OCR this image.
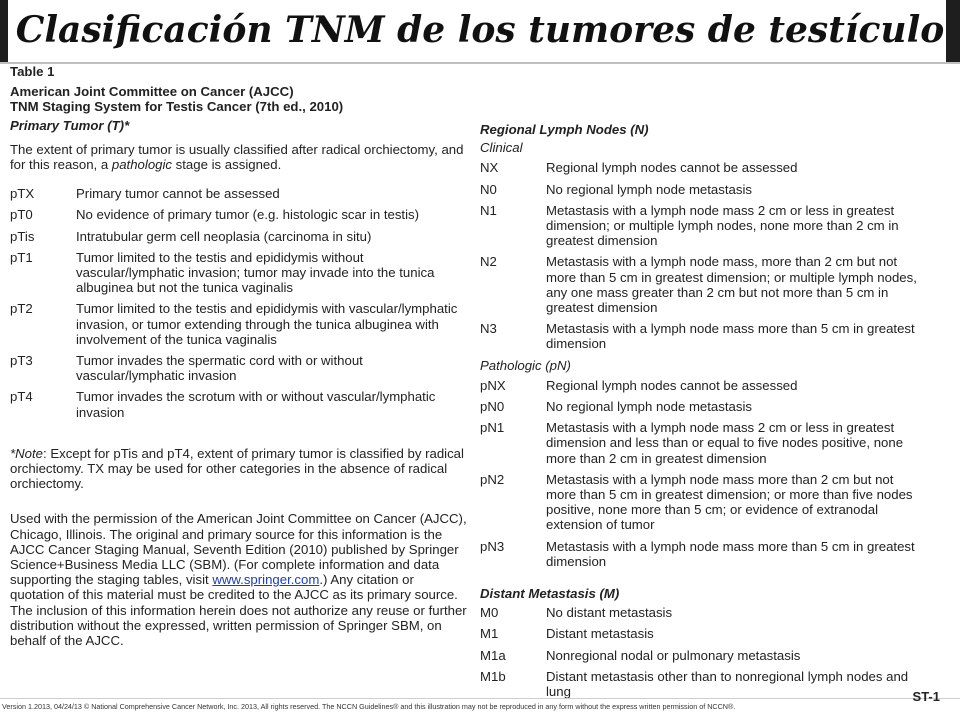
Clasificación TNM de los tumores de testículo
Table 1
American Joint Committee on Cancer (AJCC)
TNM Staging System for Testis Cancer (7th ed., 2010)
Primary Tumor (T)*
The extent of primary tumor is usually classified after radical orchiectomy, and for this reason, a pathologic stage is assigned.
pTX	Primary tumor cannot be assessed
pT0	No evidence of primary tumor (e.g. histologic scar in testis)
pTis	Intratubular germ cell neoplasia (carcinoma in situ)
pT1	Tumor limited to the testis and epididymis without vascular/lymphatic invasion; tumor may invade into the tunica albuginea but not the tunica vaginalis
pT2	Tumor limited to the testis and epididymis with vascular/lymphatic invasion, or tumor extending through the tunica albuginea with involvement of the tunica vaginalis
pT3	Tumor invades the spermatic cord with or without vascular/lymphatic invasion
pT4	Tumor invades the scrotum with or without vascular/lymphatic invasion
*Note: Except for pTis and pT4, extent of primary tumor is classified by radical orchiectomy. TX may be used for other categories in the absence of radical orchiectomy.
Used with the permission of the American Joint Committee on Cancer (AJCC), Chicago, Illinois. The original and primary source for this information is the AJCC Cancer Staging Manual, Seventh Edition (2010) published by Springer Science+Business Media LLC (SBM). (For complete information and data supporting the staging tables, visit www.springer.com.) Any citation or quotation of this material must be credited to the AJCC as its primary source. The inclusion of this information herein does not authorize any reuse or further distribution without the expressed, written permission of Springer SBM, on behalf of the AJCC.
Regional Lymph Nodes (N)
Clinical
NX	Regional lymph nodes cannot be assessed
N0	No regional lymph node metastasis
N1	Metastasis with a lymph node mass 2 cm or less in greatest dimension; or multiple lymph nodes, none more than 2 cm in greatest dimension
N2	Metastasis with a lymph node mass, more than 2 cm but not more than 5 cm in greatest dimension; or multiple lymph nodes, any one mass greater than 2 cm but not more than 5 cm in greatest dimension
N3	Metastasis with a lymph node mass more than 5 cm in greatest dimension
Pathologic (pN)
pNX	Regional lymph nodes cannot be assessed
pN0	No regional lymph node metastasis
pN1	Metastasis with a lymph node mass 2 cm or less in greatest dimension and less than or equal to five nodes positive, none more than 2 cm in greatest dimension
pN2	Metastasis with a lymph node mass more than 2 cm but not more than 5 cm in greatest dimension; or more than five nodes positive, none more than 5 cm; or evidence of extranodal extension of tumor
pN3	Metastasis with a lymph node mass more than 5 cm in greatest dimension
Distant Metastasis (M)
M0	No distant metastasis
M1	Distant metastasis
M1a	Nonregional nodal or pulmonary metastasis
M1b	Distant metastasis other than to nonregional lymph nodes and lung
Version 1.2013, 04/24/13 © National Comprehensive Cancer Network, Inc. 2013, All rights reserved. The NCCN Guidelines® and this illustration may not be reproduced in any form without the express written permission of NCCN®.
ST-1
